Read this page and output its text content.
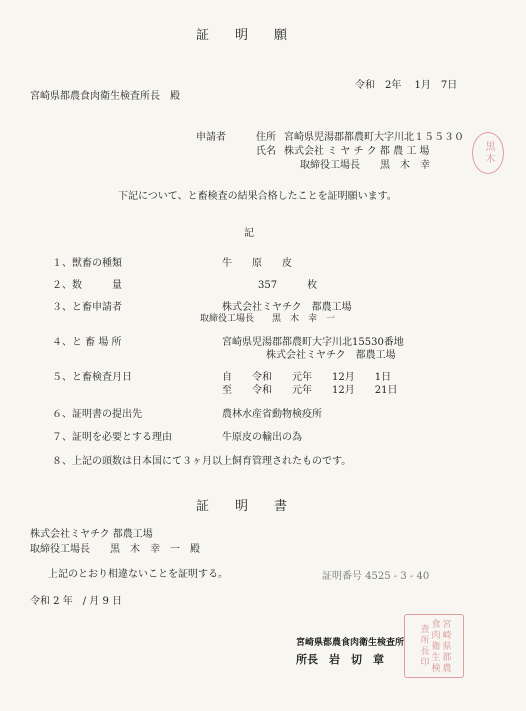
証明願
令和　2年　 1月　7日
宮崎県都農食肉衛生検査所長　殿
申請者	住所 宮崎県児湯郡都農町大字川北１５５３０
氏名 株式会社 ミ ヤ チ ク 都 農 工 場
取締役工場長　　黒　木　幸
黒木
下記について、と畜検査の結果合格したことを証明願います。
記
１、獣畜の種類	牛　　原　　皮
２、数　　　量	357　　　枚
３、と畜申請者	株式会社ミヤチク　都農工場
取締役工場長　　黒　木　幸　一
４、と 畜 場 所	宮崎県児湯郡都農町大字川北15530番地
株式会社ミヤチク　都農工場
５、と畜検査月日	自　　令和　　元年　　12月　　1日
至　　令和　　元年　　12月　　21日
６、証明書の提出先	農林水産省動物検疫所
７、証明を必要とする理由	牛原皮の輸出の為
８、上記の頭数は日本国にて３ヶ月以上飼育管理されたものです。
証明書
株式会社ミヤチク 都農工場
取締役工場長　　黒　木　幸　一　殿
上記のとおり相違ないことを証明する。	証明番号 4525 - 3 - 40
令和 2 年　/ 月 9 日
宮崎県都農食肉衛生検査所
所長　岩　切　章	宮崎県都農食肉衛生検査所長印
